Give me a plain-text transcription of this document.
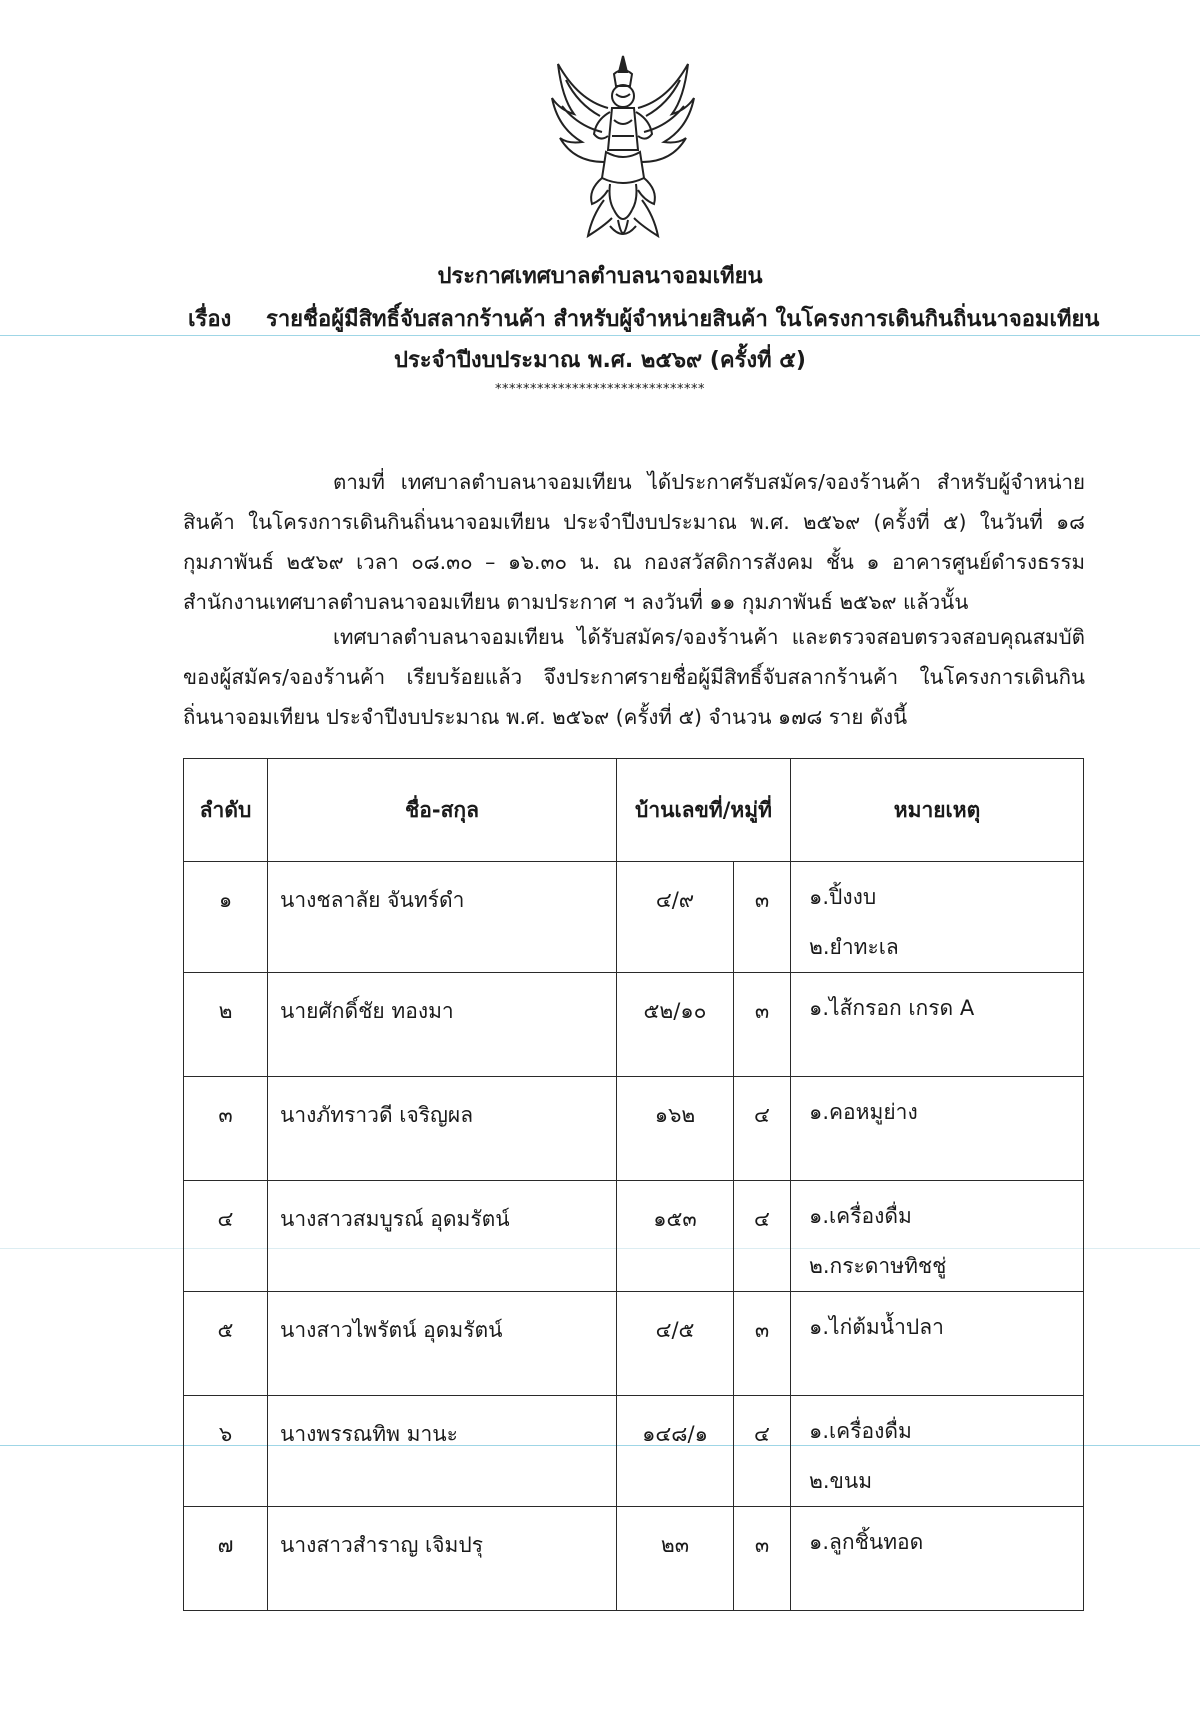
ประกาศเทศบาลตำบลนาจอมเทียน
เรื่อง รายชื่อผู้มีสิทธิ์จับสลากร้านค้า สำหรับผู้จำหน่ายสินค้า ในโครงการเดินกินถิ่นนาจอมเทียน
ประจำปีงบประมาณ พ.ศ. ๒๕๖๙ (ครั้งที่ ๕)
******************************
ตามที่ เทศบาลตำบลนาจอมเทียน ได้ประกาศรับสมัคร/จองร้านค้า สำหรับผู้จำหน่าย
สินค้า ในโครงการเดินกินถิ่นนาจอมเทียน ประจำปีงบประมาณ พ.ศ. ๒๕๖๙ (ครั้งที่ ๕) ในวันที่ ๑๘
กุมภาพันธ์ ๒๕๖๙ เวลา ๐๘.๓๐ – ๑๖.๓๐ น. ณ กองสวัสดิการสังคม ชั้น ๑ อาคารศูนย์ดำรงธรรม
สำนักงานเทศบาลตำบลนาจอมเทียน ตามประกาศ ฯ ลงวันที่ ๑๑ กุมภาพันธ์ ๒๕๖๙ แล้วนั้น
เทศบาลตำบลนาจอมเทียน ได้รับสมัคร/จองร้านค้า และตรวจสอบตรวจสอบคุณสมบัติ
ของผู้สมัคร/จองร้านค้า เรียบร้อยแล้ว จึงประกาศรายชื่อผู้มีสิทธิ์จับสลากร้านค้า ในโครงการเดินกิน
ถิ่นนาจอมเทียน ประจำปีงบประมาณ พ.ศ. ๒๕๖๙ (ครั้งที่ ๕) จำนวน ๑๗๘ ราย ดังนี้
ลำดับ	ชื่อ-สกุล	บ้านเลขที่/หมู่ที่		หมายเหตุ

๑	นางชลาลัย จันทร์ดำ	๔/๙	๓	๑.ปิ้งงบ
๒.ยำทะเล

๒	นายศักดิ์ชัย ทองมา	๕๒/๑๐	๓	๑.ไส้กรอก เกรด A

๓	นางภัทราวดี เจริญผล	๑๖๒	๔	๑.คอหมูย่าง

๔	นางสาวสมบูรณ์ อุดมรัตน์	๑๕๓	๔	๑.เครื่องดื่ม
๒.กระดาษทิชชู่

๕	นางสาวไพรัตน์ อุดมรัตน์	๔/๕	๓	๑.ไก่ต้มน้ำปลา

๖	นางพรรณทิพ มานะ	๑๔๘/๑	๔	๑.เครื่องดื่ม
๒.ขนม

๗	นางสาวสำราญ เจิมปรุ	๒๓	๓	๑.ลูกชิ้นทอด
